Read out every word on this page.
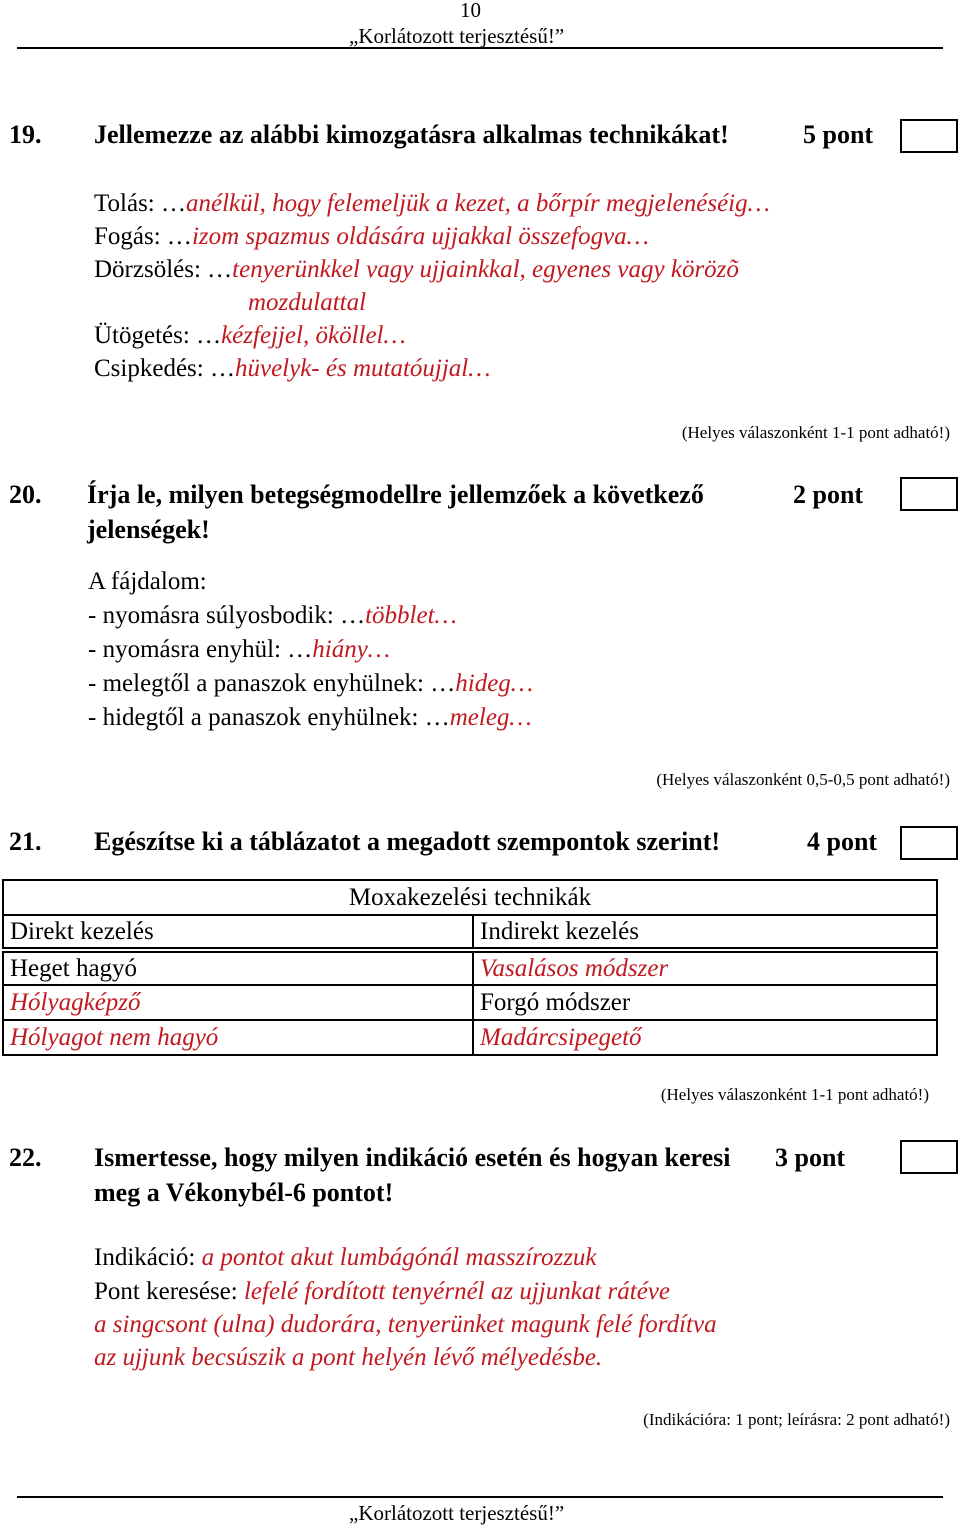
10
„Korlátozott terjesztésű!”
19. Jellemezze az alábbi kimozgatásra alkalmas technikákat!	5 pont
Tolás: …anélkül, hogy felemeljük a kezet, a bőrpír megjelenéséig…
Fogás: …izom spazmus oldására ujjakkal összefogva…
Dörzsölés: …tenyerünkkel vagy ujjainkkal, egyenes vagy körözõ
mozdulattal
Ütögetés: …kézfejjel, ököllel…
Csipkedés: …hüvelyk- és mutatóujjal…
(Helyes válaszonként 1-1 pont adható!)
20. Írja le, milyen betegségmodellre jellemzőek a következő
jelenségek!
2 pont
A fájdalom:
- nyomásra súlyosbodik: …többlet…
- nyomásra enyhül: …hiány…
- melegtől a panaszok enyhülnek: …hideg…
- hidegtől a panaszok enyhülnek: …meleg…
(Helyes válaszonként 0,5-0,5 pont adható!)
21. Egészítse ki a táblázatot a megadott szempontok szerint!	4 pont
Moxakezelési technikák	
Direkt kezelés	Indirekt kezelés
Heget hagyó	Vasalásos módszer
Hólyagképző	Forgó módszer
Hólyagot nem hagyó	Madárcsipegető
(Helyes válaszonként 1-1 pont adható!)
22. Ismertesse, hogy milyen indikáció esetén és hogyan keresi
meg a Vékonybél-6 pontot!
3 pont
Indikáció: a pontot akut lumbágónál masszírozzuk
Pont keresése: lefelé fordított tenyérnél az ujjunkat rátéve
a singcsont (ulna) dudorára, tenyerünket magunk felé fordítva
az ujjunk becsúszik a pont helyén lévő mélyedésbe.
(Indikációra: 1 pont; leírásra: 2 pont adható!)
„Korlátozott terjesztésű!”
